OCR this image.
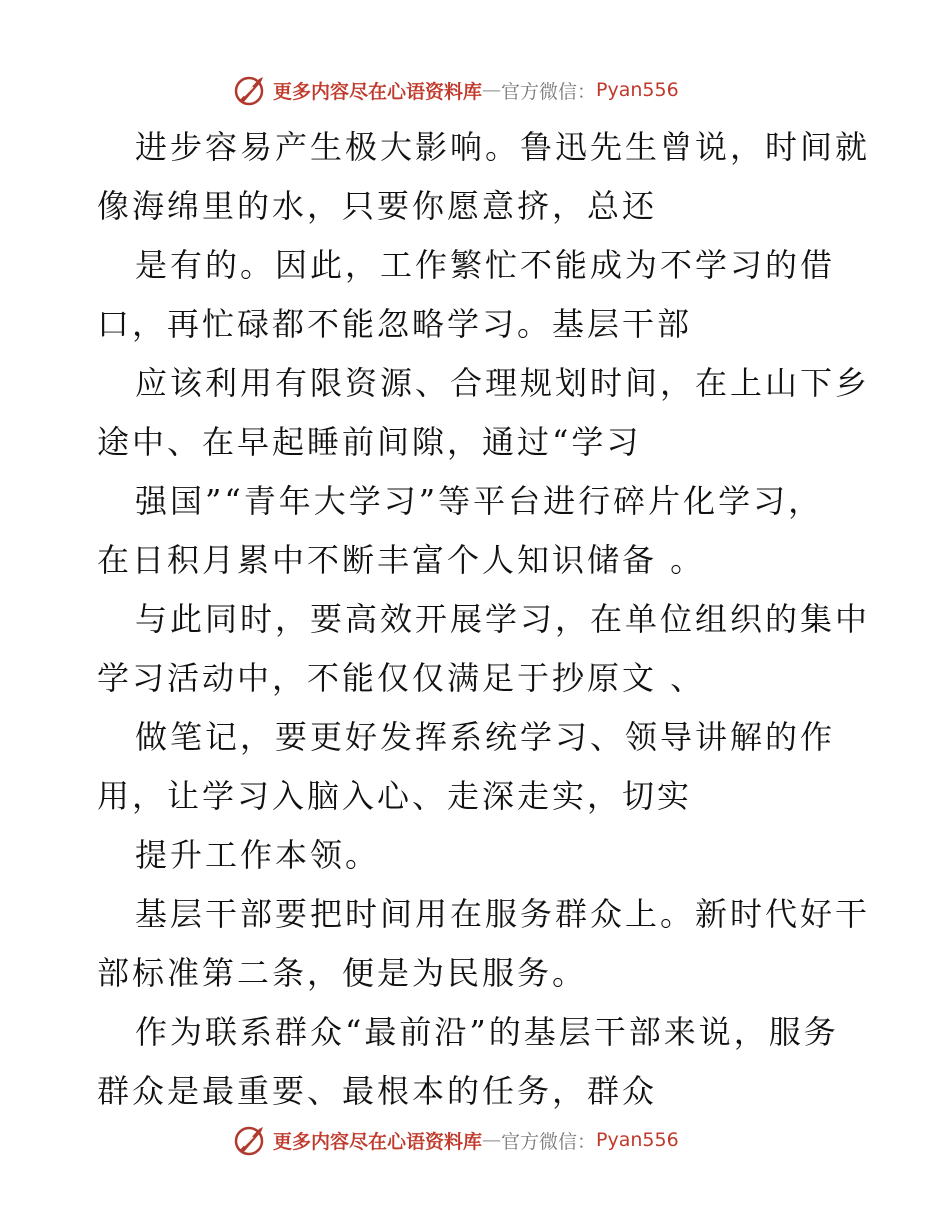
更多内容尽在心语资料库 — 官方微信： Pyan556
进步容易产生极大影响。鲁迅先生曾说，时间就
像海绵里的水，只要你愿意挤，总还
是有的。因此，工作繁忙不能成为不学习的借
口，再忙碌都不能忽略学习。基层干部
应该利用有限资源、合理规划时间，在上山下乡
途中、在早起睡前间隙，通过“学习
强国”“青年大学习”等平台进行碎片化学习，
在日积月累中不断丰富个人知识储备 。
与此同时，要高效开展学习，在单位组织的集中
学习活动中，不能仅仅满足于抄原文 、
做笔记，要更好发挥系统学习、领导讲解的作
用，让学习入脑入心、走深走实，切实
提升工作本领。
基层干部要把时间用在服务群众上。新时代好干
部标准第二条，便是为民服务。
作为联系群众“最前沿”的基层干部来说，服务
群众是最重要、最根本的任务，群众
更多内容尽在心语资料库 — 官方微信： Pyan556
